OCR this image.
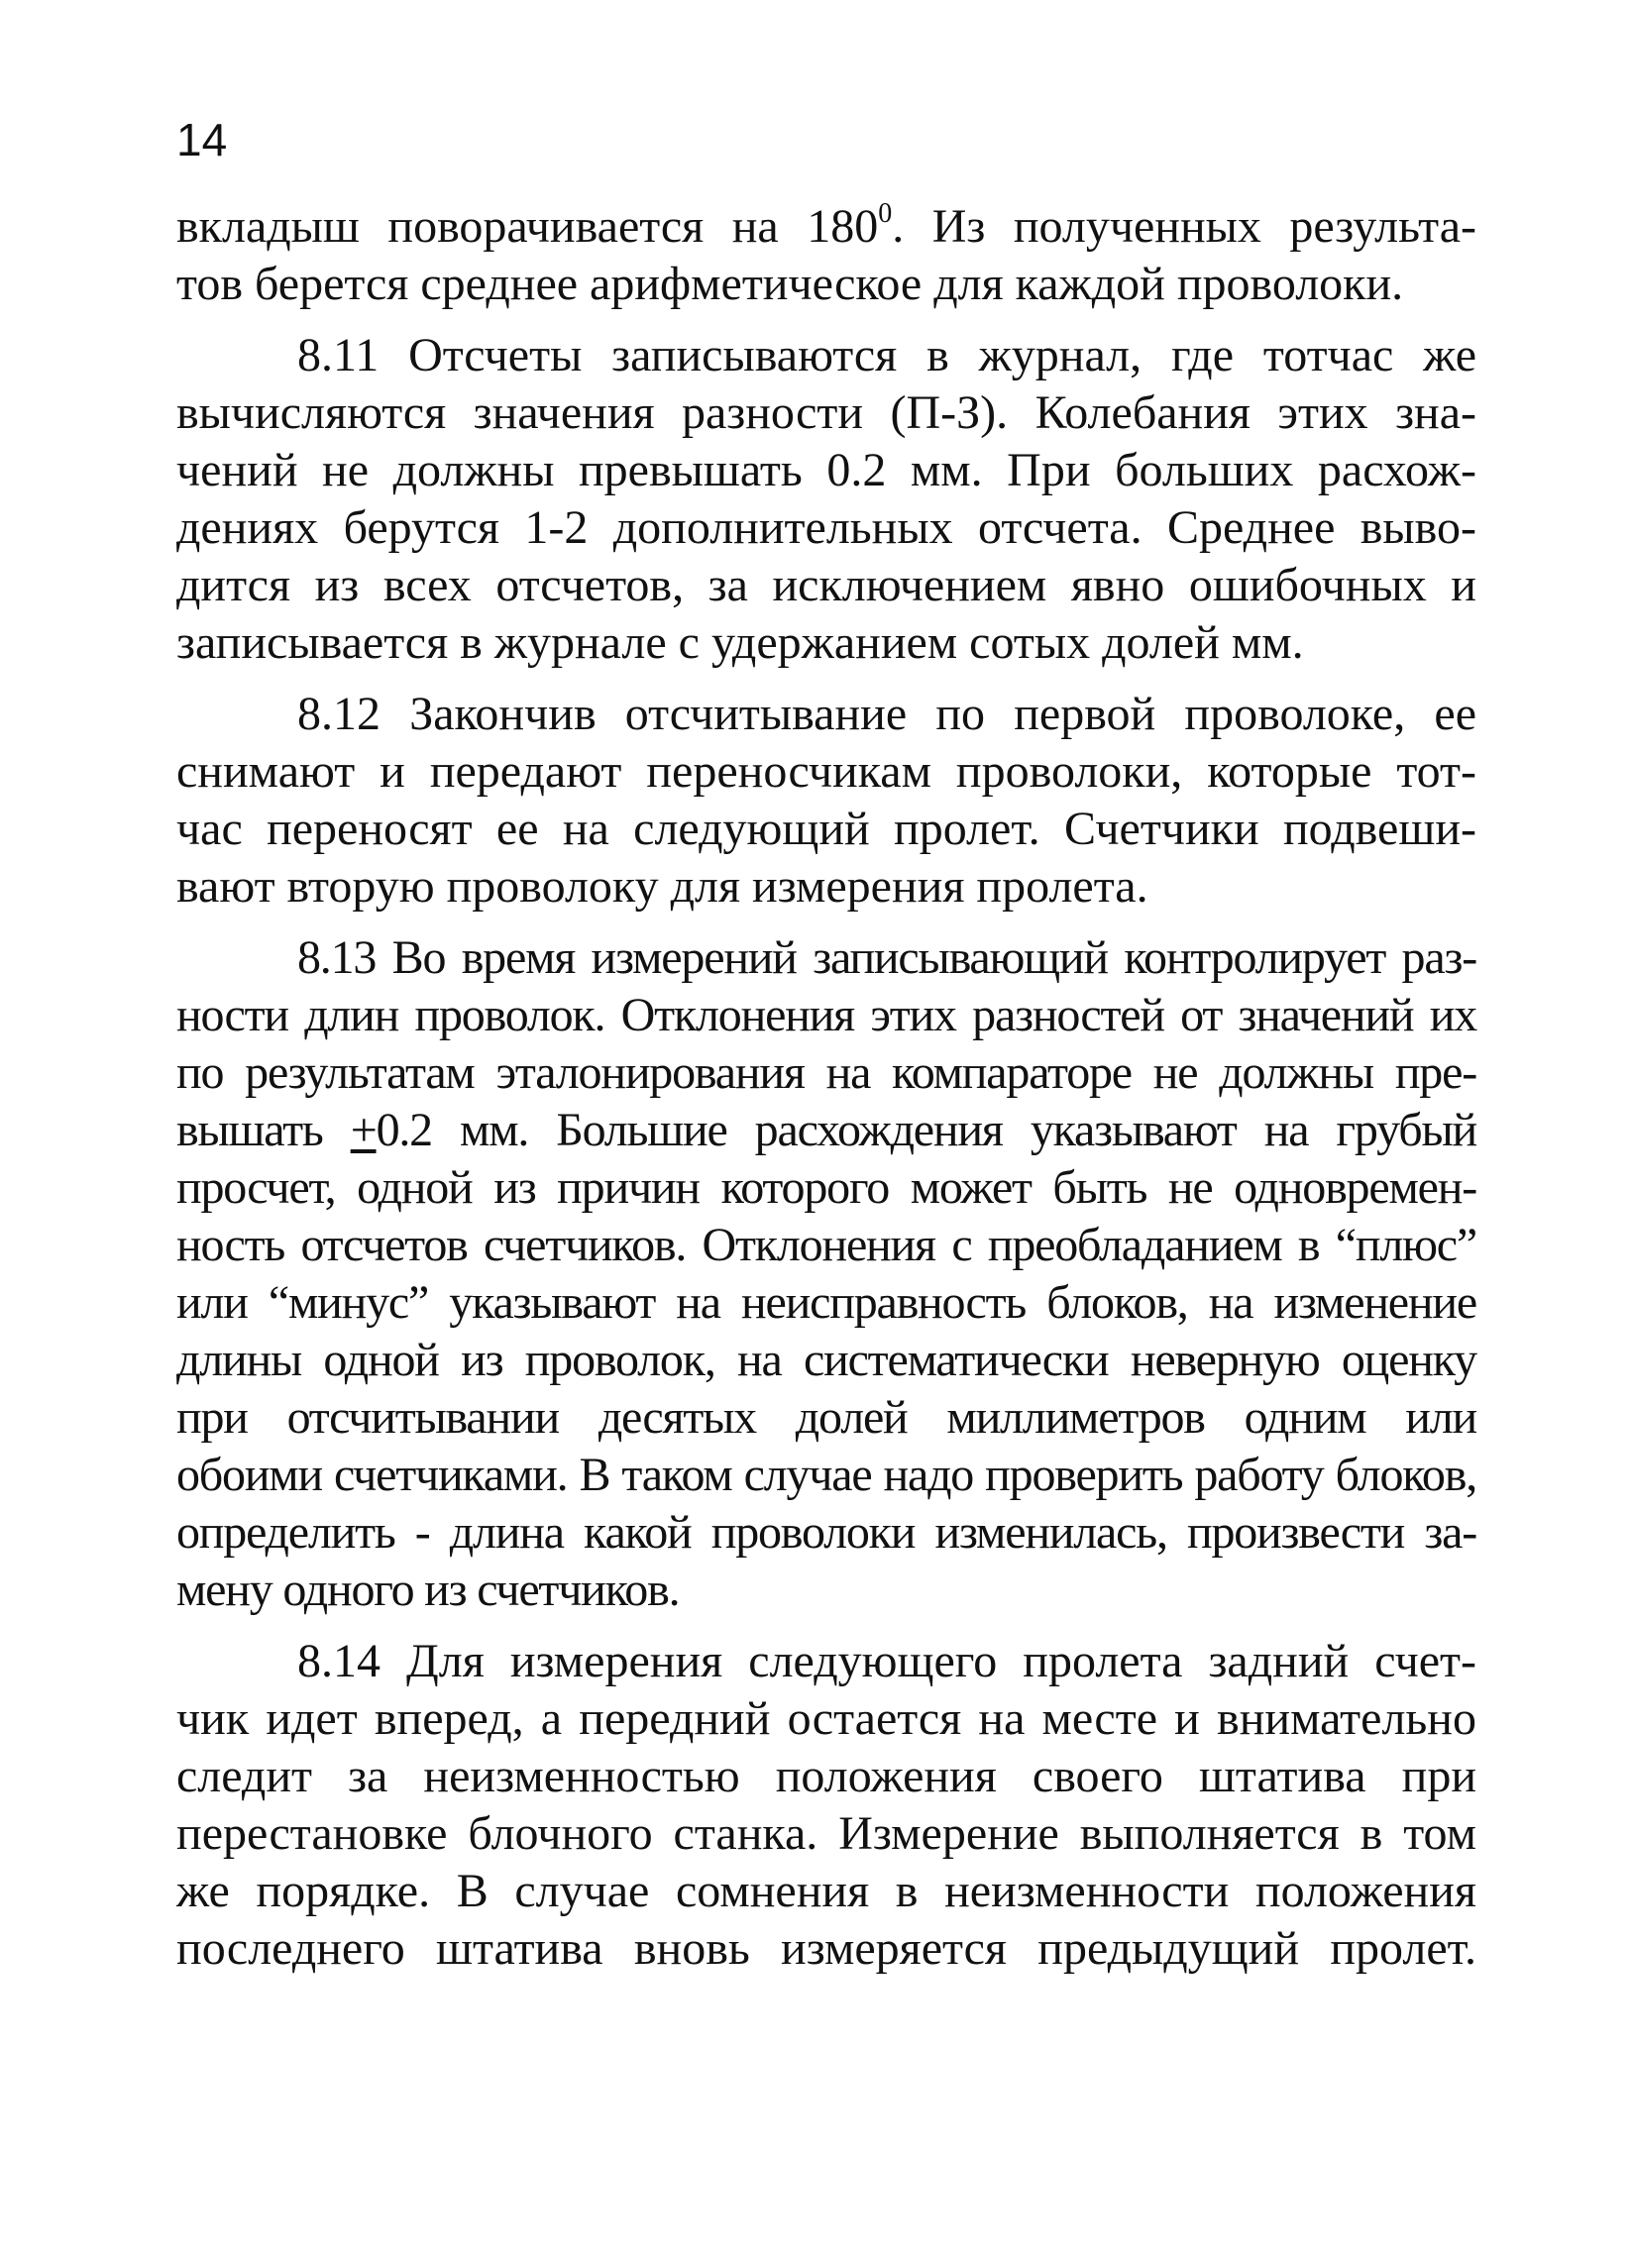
14
вкладыш поворачивается на $180^0$. Из полученных результа-
тов берется среднее арифметическое для каждой проволоки.
8.11 Отсчеты записываются в журнал, где тотчас же
вычисляются значения разности (П-З). Колебания этих зна-
чений не должны превышать 0.2 мм. При больших расхож-
дениях берутся 1-2 дополнительных отсчета. Среднее выво-
дится из всех отсчетов, за исключением явно ошибочных и
записывается в журнале с удержанием сотых долей мм.
8.12 Закончив отсчитывание по первой проволоке, ее
снимают и передают переносчикам проволоки, которые тот-
час переносят ее на следующий пролет. Счетчики подвеши-
вают вторую проволоку для измерения пролета.
8.13 Во время измерений записывающий контролирует раз-
ности длин проволок. Отклонения этих разностей от значений их
по результатам эталонирования на компараторе не должны пре-
вышать +0.2 мм. Большие расхождения указывают на грубый
просчет, одной из причин которого может быть не одновремен-
ность отсчетов счетчиков. Отклонения с преобладанием в “плюс”
или “минус” указывают на неисправность блоков, на изменение
длины одной из проволок, на систематически неверную оценку
при отсчитывании десятых долей миллиметров одним или
обоими счетчиками. В таком случае надо проверить работу блоков,
определить - длина какой проволоки изменилась, произвести за-
мену одного из счетчиков.
8.14 Для измерения следующего пролета задний счет-
чик идет вперед, а передний остается на месте и внимательно
следит за неизменностью положения своего штатива при
перестановке блочного станка. Измерение выполняется в том
же порядке. В случае сомнения в неизменности положения
последнего штатива вновь измеряется предыдущий пролет.
